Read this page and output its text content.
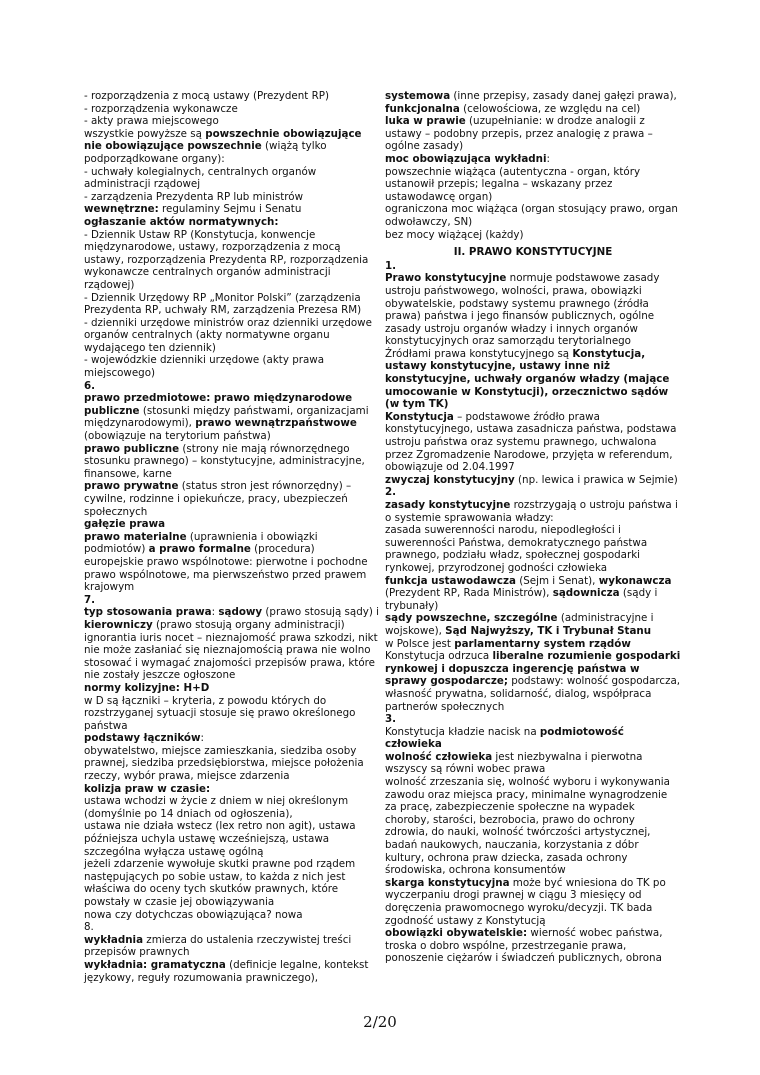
- rozporządzenia z mocą ustawy (Prezydent RP)

- rozporządzenia wykonawcze

- akty prawa miejscowego

wszystkie powyższe są powszechnie obowiązujące nie obowiązujące powszechnie (wiążą tylko podporządkowane organy):

- uchwały kolegialnych, centralnych organów administracji rządowej

- zarządzenia Prezydenta RP lub ministrów

wewnętrzne: regulaminy Sejmu i Senatu

ogłaszanie aktów normatywnych:

- Dziennik Ustaw RP (Konstytucja, konwencje międzynarodowe, ustawy, rozporządzenia z mocą ustawy, rozporządzenia Prezydenta RP, rozporządzenia wykonawcze centralnych organów administracji rządowej)

- Dziennik Urzędowy RP „Monitor Polski” (zarządzenia Prezydenta RP, uchwały RM, zarządzenia Prezesa RM)

- dzienniki urzędowe ministrów oraz dzienniki urzędowe organów centralnych (akty normatywne organu wydającego ten dziennik)

- wojewódzkie dzienniki urzędowe (akty prawa miejscowego)

6.

prawo przedmiotowe: prawo międzynarodowe publiczne (stosunki między państwami, organizacjami międzynarodowymi), prawo wewnątrzpaństwowe (obowiązuje na terytorium państwa)

prawo publiczne (strony nie mają równorzędnego stosunku prawnego) – konstytucyjne, administracyjne, finansowe, karne

prawo prywatne (status stron jest równorzędny) – cywilne, rodzinne i opiekuńcze, pracy, ubezpieczeń społecznych

gałęzie prawa

prawo materialne (uprawnienia i obowiązki podmiotów) a prawo formalne (procedura)

europejskie prawo wspólnotowe: pierwotne i pochodne prawo wspólnotowe, ma pierwszeństwo przed prawem krajowym

7.

typ stosowania prawa: sądowy (prawo stosują sądy) i kierowniczy (prawo stosują organy administracji)

ignorantia iuris nocet – nieznajomość prawa szkodzi, nikt nie może zasłaniać się nieznajomością prawa nie wolno stosować i wymagać znajomości przepisów prawa, które nie zostały jeszcze ogłoszone

normy kolizyjne: H+D

w D są łączniki – kryteria, z powodu których do rozstrzyganej sytuacji stosuje się prawo określonego państwa

podstawy łączników:

obywatelstwo, miejsce zamieszkania, siedziba osoby prawnej, siedziba przedsiębiorstwa, miejsce położenia rzeczy, wybór prawa, miejsce zdarzenia

kolizja praw w czasie:

ustawa wchodzi w życie z dniem w niej określonym (domyślnie po 14 dniach od ogłoszenia),

ustawa nie działa wstecz (lex retro non agit), ustawa późniejsza uchyla ustawę wcześniejszą, ustawa szczególna wyłącza ustawę ogólną

jeżeli zdarzenie wywołuje skutki prawne pod rządem następujących po sobie ustaw, to każda z nich jest właściwa do oceny tych skutków prawnych, które powstały w czasie jej obowiązywania

nowa czy dotychczas obowiązująca? nowa

8.

wykładnia zmierza do ustalenia rzeczywistej treści przepisów prawnych

wykładnia: gramatyczna (definicje legalne, kontekst językowy, reguły rozumowania prawniczego),

systemowa (inne przepisy, zasady danej gałęzi prawa),

funkcjonalna (celowościowa, ze względu na cel)

luka w prawie (uzupełnianie: w drodze analogii z ustawy – podobny przepis, przez analogię z prawa – ogólne zasady)

moc obowiązująca wykładni:

powszechnie wiążąca (autentyczna - organ, który ustanowił przepis; legalna – wskazany przez ustawodawcę organ)

ograniczona moc wiążąca (organ stosujący prawo, organ odwoławczy, SN)

bez mocy wiążącej (każdy)

II. PRAWO KONSTYTUCYJNE

1.

Prawo konstytucyjne normuje podstawowe zasady ustroju państwowego, wolności, prawa, obowiązki obywatelskie, podstawy systemu prawnego (źródła prawa) państwa i jego finansów publicznych, ogólne zasady ustroju organów władzy i innych organów konstytucyjnych oraz samorządu terytorialnego

Źródłami prawa konstytucyjnego są Konstytucja, ustawy konstytucyjne, ustawy inne niż konstytucyjne, uchwały organów władzy (mające umocowanie w Konstytucji), orzecznictwo sądów (w tym TK)

Konstytucja – podstawowe źródło prawa konstytucyjnego, ustawa zasadnicza państwa, podstawa ustroju państwa oraz systemu prawnego, uchwalona przez Zgromadzenie Narodowe, przyjęta w referendum, obowiązuje od 2.04.1997

zwyczaj konstytucyjny (np. lewica i prawica w Sejmie)

2.

zasady konstytucyjne rozstrzygają o ustroju państwa i o systemie sprawowania władzy:

zasada suwerenności narodu, niepodległości i suwerenności Państwa, demokratycznego państwa prawnego, podziału władz, społecznej gospodarki rynkowej, przyrodzonej godności człowieka

funkcja ustawodawcza (Sejm i Senat), wykonawcza (Prezydent RP, Rada Ministrów), sądownicza (sądy i trybunały)

sądy powszechne, szczególne (administracyjne i wojskowe), Sąd Najwyższy, TK i Trybunał Stanu

w Polsce jest parlamentarny system rządów

Konstytucja odrzuca liberalne rozumienie gospodarki rynkowej i dopuszcza ingerencję państwa w sprawy gospodarcze; podstawy: wolność gospodarcza, własność prywatna, solidarność, dialog, współpraca partnerów społecznych

3.

Konstytucja kładzie nacisk na podmiotowość człowieka

wolność człowieka jest niezbywalna i pierwotna wszyscy są równi wobec prawa

wolność zrzeszania się, wolność wyboru i wykonywania zawodu oraz miejsca pracy, minimalne wynagrodzenie za pracę, zabezpieczenie społeczne na wypadek choroby, starości, bezrobocia, prawo do ochrony zdrowia, do nauki, wolność twórczości artystycznej, badań naukowych, nauczania, korzystania z dóbr kultury, ochrona praw dziecka, zasada ochrony środowiska, ochrona konsumentów

skarga konstytucyjna może być wniesiona do TK po wyczerpaniu drogi prawnej w ciągu 3 miesięcy od doręczenia prawomocnego wyroku/decyzji. TK bada zgodność ustawy z Konstytucją

obowiązki obywatelskie: wierność wobec państwa, troska o dobro wspólne, przestrzeganie prawa, ponoszenie ciężarów i świadczeń publicznych, obrona

2/20
